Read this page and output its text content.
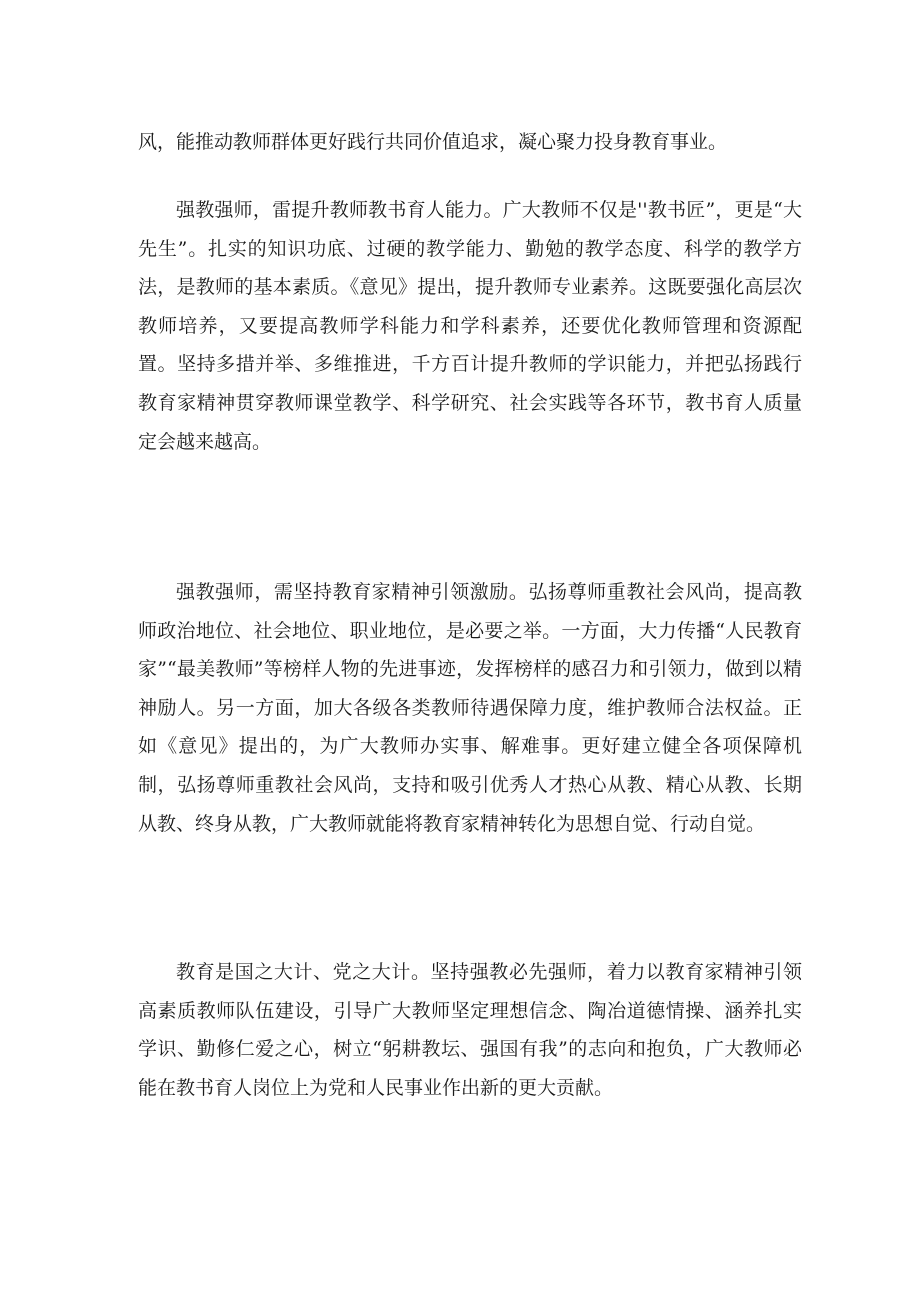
风，能推动教师群体更好践行共同价值追求，凝心聚力投身教育事业。

强教强师，雷提升教师教书育人能力。广大教师不仅是''教书匠”，更是“大先生”。扎实的知识功底、过硬的教学能力、勤勉的教学态度、科学的教学方法，是教师的基本素质。《意见》提出，提升教师专业素养。这既要强化高层次教师培养，又要提高教师学科能力和学科素养，还要优化教师管理和资源配置。坚持多措并举、多维推进，千方百计提升教师的学识能力，并把弘扬践行教育家精神贯穿教师课堂教学、科学研究、社会实践等各环节，教书育人质量定会越来越高。

强教强师，需坚持教育家精神引领激励。弘扬尊师重教社会风尚，提高教师政治地位、社会地位、职业地位，是必要之举。一方面，大力传播“人民教育家”“最美教师”等榜样人物的先进事迹，发挥榜样的感召力和引领力，做到以精神励人。另一方面，加大各级各类教师待遇保障力度，维护教师合法权益。正如《意见》提出的，为广大教师办实事、解难事。更好建立健全各项保障机制，弘扬尊师重教社会风尚，支持和吸引优秀人才热心从教、精心从教、长期从教、终身从教，广大教师就能将教育家精神转化为思想自觉、行动自觉。

教育是国之大计、党之大计。坚持强教必先强师，着力以教育家精神引领高素质教师队伍建设，引导广大教师坚定理想信念、陶冶道德情操、涵养扎实学识、勤修仁爱之心，树立“躬耕教坛、强国有我”的志向和抱负，广大教师必能在教书育人岗位上为党和人民事业作出新的更大贡献。
